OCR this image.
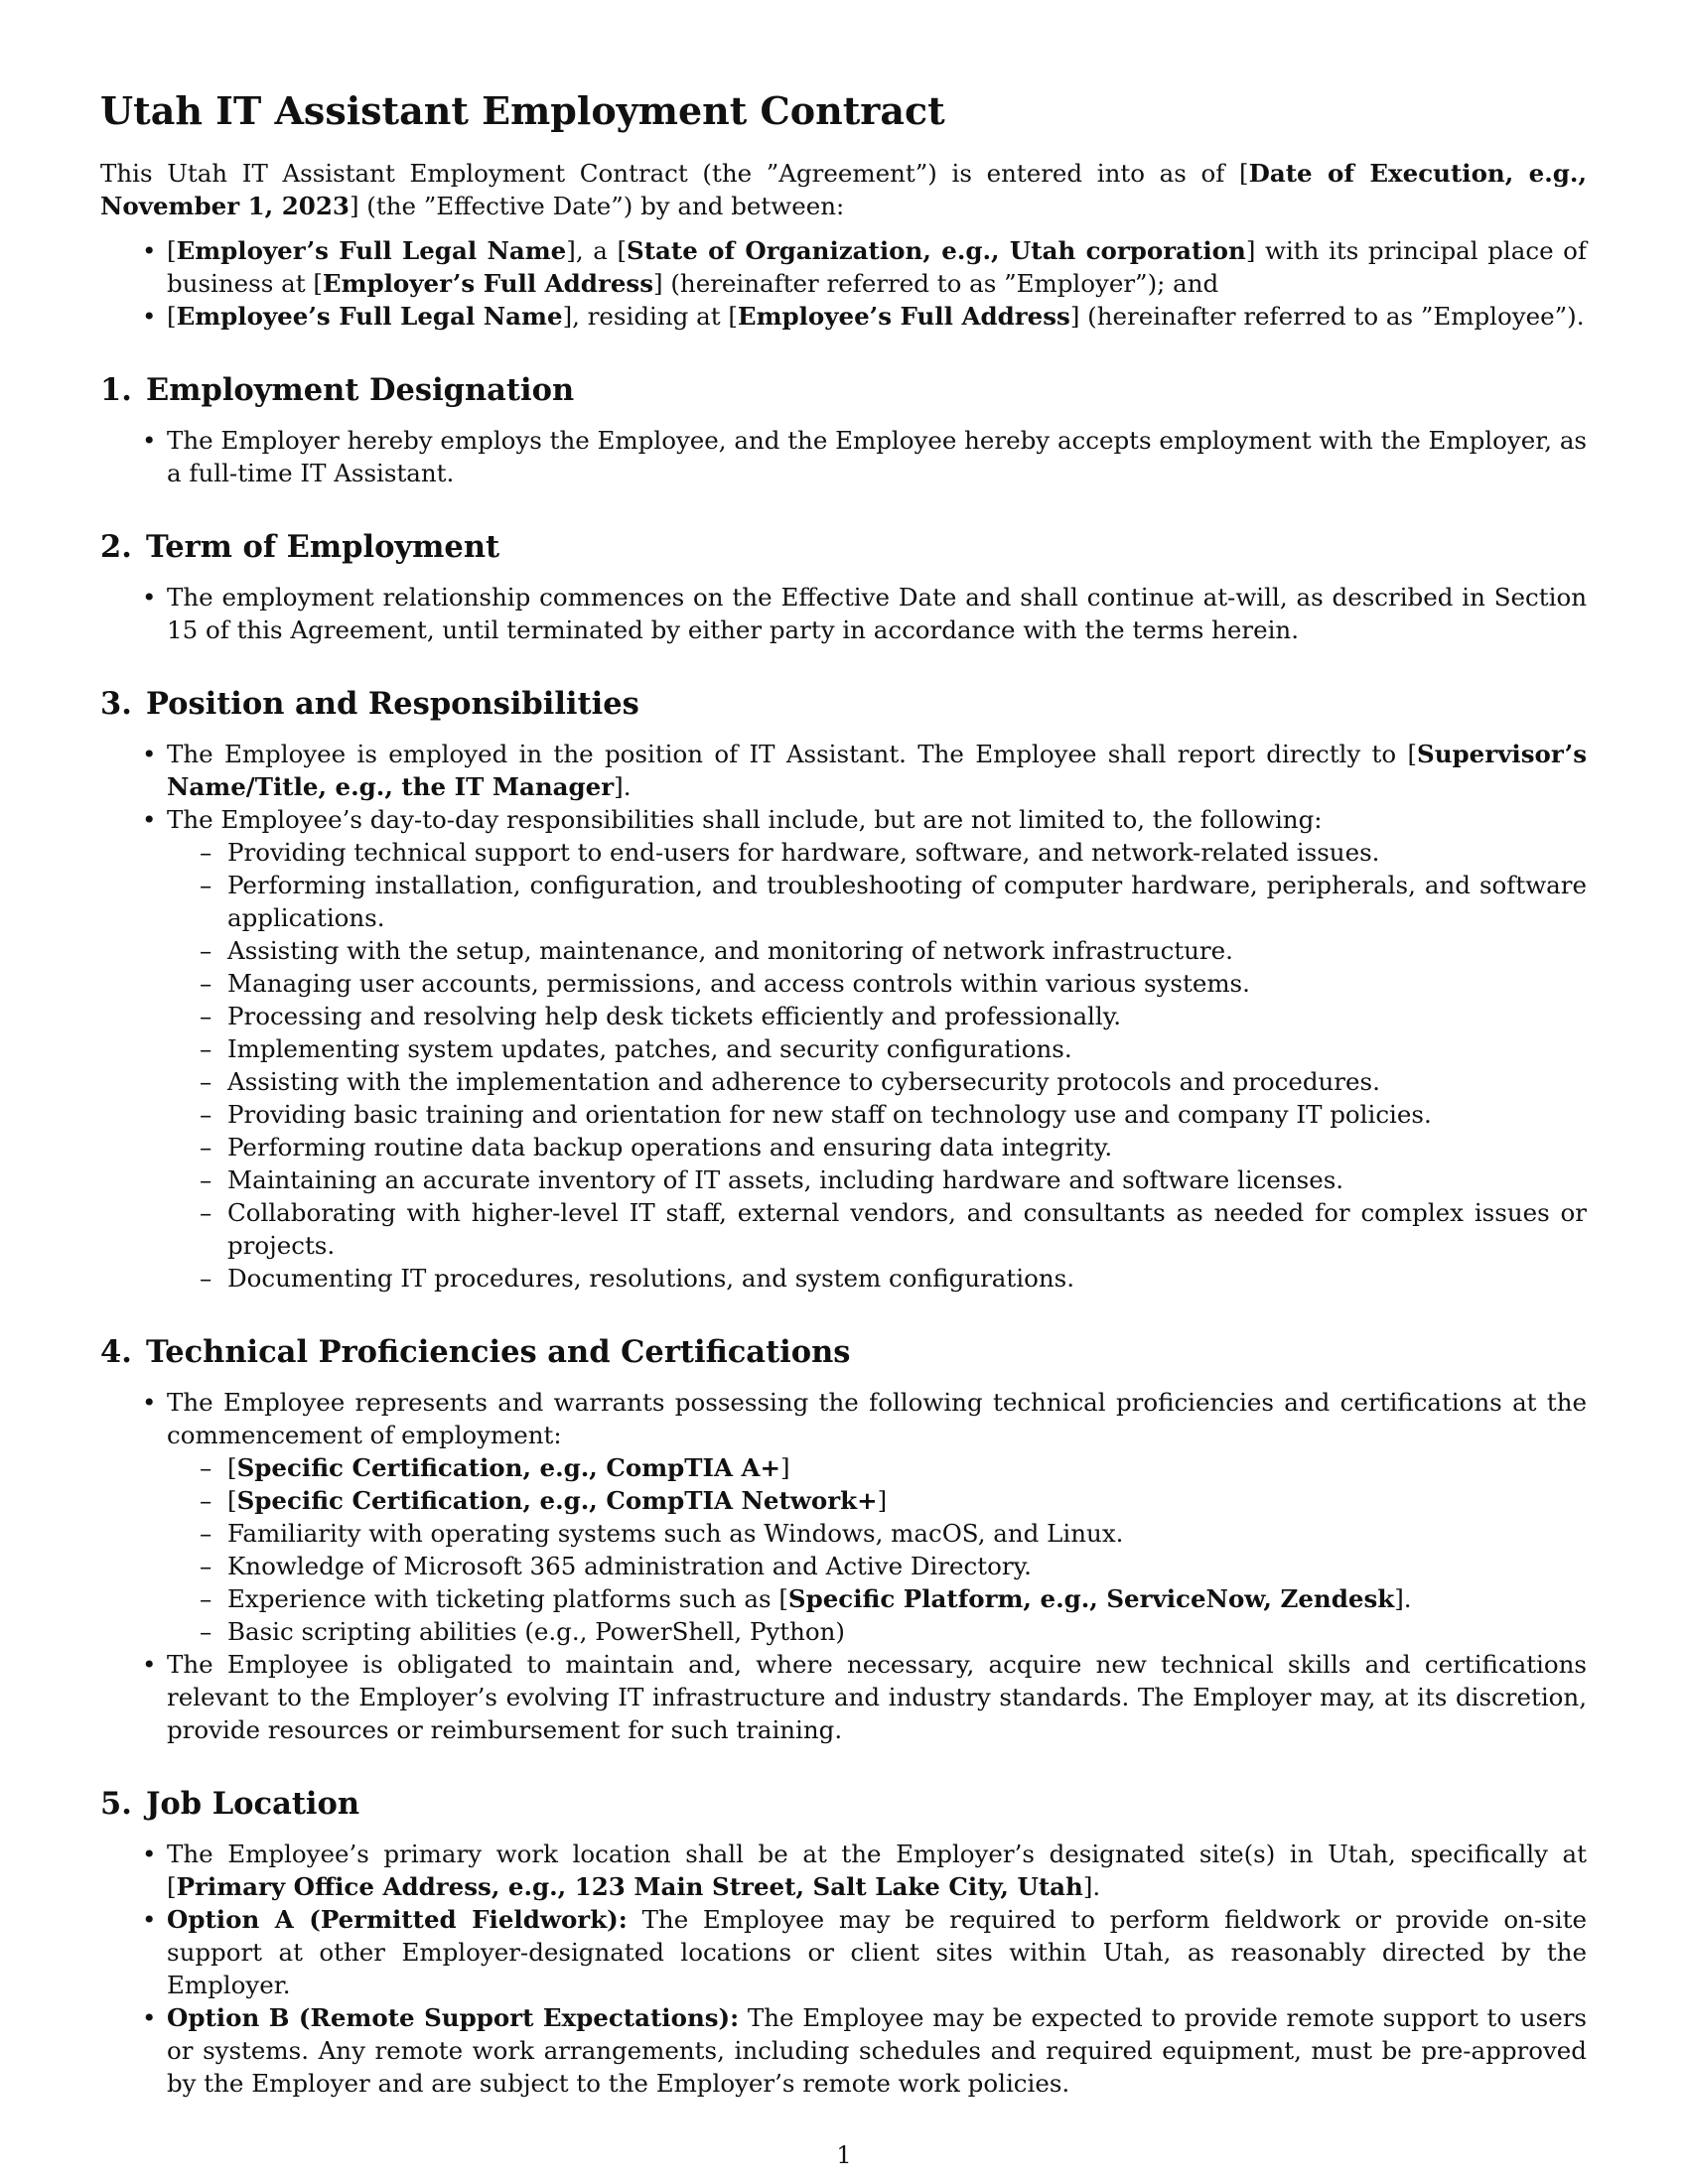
Utah IT Assistant Employment Contract

This Utah IT Assistant Employment Contract (the ”Agreement”) is entered into as of [Date of Execution, e.g., November 1, 2023] (the ”Effective Date”) by and between:

• [Employer’s Full Legal Name], a [State of Organization, e.g., Utah corporation] with its principal place of business at [Employer’s Full Address] (hereinafter referred to as ”Employer”); and
• [Employee’s Full Legal Name], residing at [Employee’s Full Address] (hereinafter referred to as ”Employee”).
1. Employment Designation
• The Employer hereby employs the Employee, and the Employee hereby accepts employment with the Employer, as a full-time IT Assistant.
2. Term of Employment
• The employment relationship commences on the Effective Date and shall continue at-will, as described in Section 15 of this Agreement, until terminated by either party in accordance with the terms herein.
3. Position and Responsibilities
• The Employee is employed in the position of IT Assistant. The Employee shall report directly to [Supervisor’s Name/Title, e.g., the IT Manager].
• The Employee’s day-to-day responsibilities shall include, but are not limited to, the following:
– Providing technical support to end-users for hardware, software, and network-related issues.
– Performing installation, configuration, and troubleshooting of computer hardware, peripherals, and software applications.
– Assisting with the setup, maintenance, and monitoring of network infrastructure.
– Managing user accounts, permissions, and access controls within various systems.
– Processing and resolving help desk tickets efficiently and professionally.
– Implementing system updates, patches, and security configurations.
– Assisting with the implementation and adherence to cybersecurity protocols and procedures.
– Providing basic training and orientation for new staff on technology use and company IT policies.
– Performing routine data backup operations and ensuring data integrity.
– Maintaining an accurate inventory of IT assets, including hardware and software licenses.
– Collaborating with higher-level IT staff, external vendors, and consultants as needed for complex issues or projects.
– Documenting IT procedures, resolutions, and system configurations.
4. Technical Proficiencies and Certifications
• The Employee represents and warrants possessing the following technical proficiencies and certifications at the commencement of employment:
– [Specific Certification, e.g., CompTIA A+]
– [Specific Certification, e.g., CompTIA Network+]
– Familiarity with operating systems such as Windows, macOS, and Linux.
– Knowledge of Microsoft 365 administration and Active Directory.
– Experience with ticketing platforms such as [Specific Platform, e.g., ServiceNow, Zendesk].
– Basic scripting abilities (e.g., PowerShell, Python)
• The Employee is obligated to maintain and, where necessary, acquire new technical skills and certifications relevant to the Employer’s evolving IT infrastructure and industry standards. The Employer may, at its discretion, provide resources or reimbursement for such training.
5. Job Location
• The Employee’s primary work location shall be at the Employer’s designated site(s) in Utah, specifically at [Primary Office Address, e.g., 123 Main Street, Salt Lake City, Utah].
• Option A (Permitted Fieldwork): The Employee may be required to perform fieldwork or provide on-site support at other Employer-designated locations or client sites within Utah, as reasonably directed by the Employer.
• Option B (Remote Support Expectations): The Employee may be expected to provide remote support to users or systems. Any remote work arrangements, including schedules and required equipment, must be pre-approved by the Employer and are subject to the Employer’s remote work policies.
1
